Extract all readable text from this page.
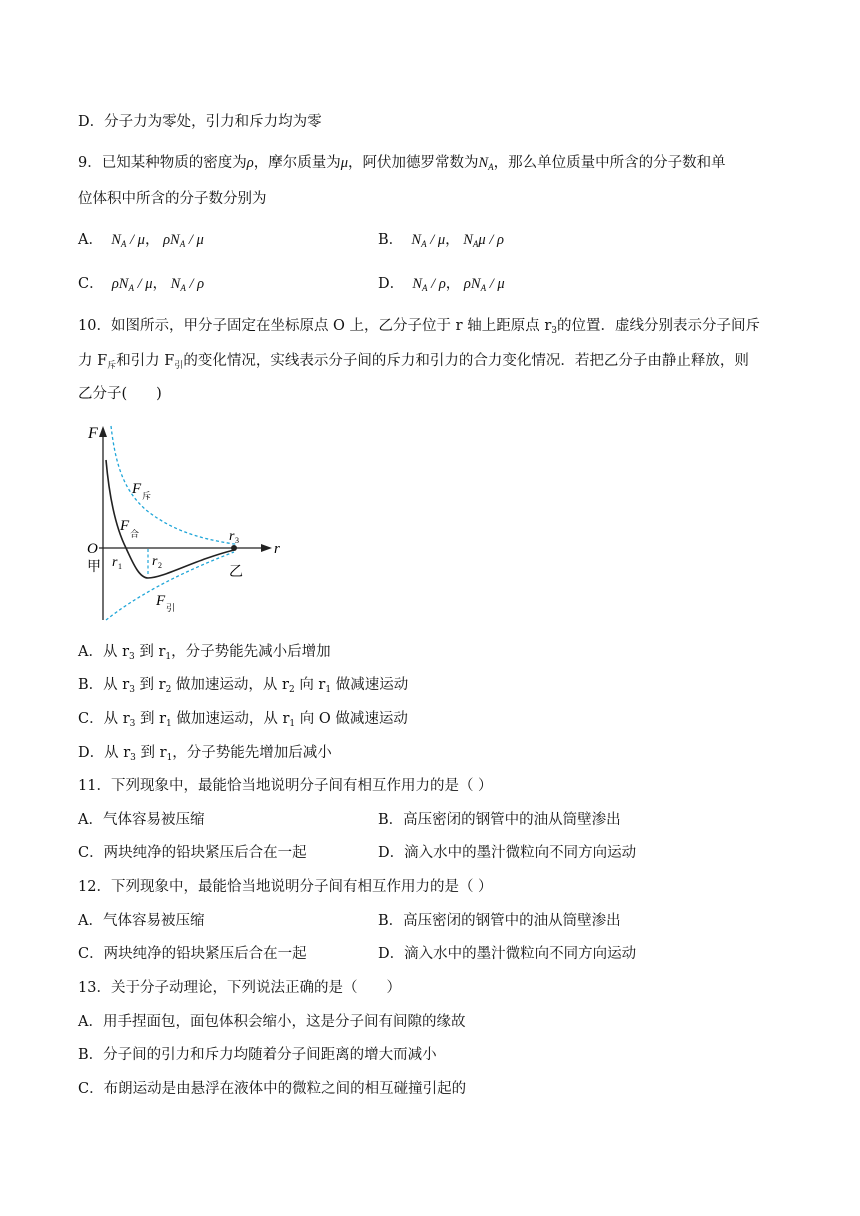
D．分子力为零处，引力和斥力均为零
9．已知某种物质的密度为ρ，摩尔质量为μ，阿伏加德罗常数为$N_A$，那么单位质量中所含的分子数和单
位体积中所含的分子数分别为
A．  $N_A$ / μ， $\rho N_A$ / μ	B．  $N_A$ / μ， $N_A\mu$ / ρ
C．  $\rho N_A$ / μ， $N_A$ / ρ	D．  $N_A$ / ρ， $\rho N_A$ / μ
10．如图所示，甲分子固定在坐标原点 O 上，乙分子位于 r 轴上距原点 $r_3$的位置．虚线分别表示分子间斥
力 $F_斥$和引力 $F_引$的变化情况，实线表示分子间的斥力和引力的合力变化情况．若把乙分子由静止释放，则
乙分子(　　)
F
r
O
甲	乙
F 斥
F
合
F 引
r 1 r 2
r 3
A．从 $r_3$ 到 $r_1$，分子势能先减小后增加
B．从 $r_3$ 到 $r_2$ 做加速运动，从 $r_2$ 向 $r_1$ 做减速运动
C．从 $r_3$ 到 $r_1$ 做加速运动，从 $r_1$ 向 O 做减速运动
D．从 $r_3$ 到 $r_1$，分子势能先增加后减小
11．下列现象中，最能恰当地说明分子间有相互作用力的是（ ）
A．气体容易被压缩	B．高压密闭的钢管中的油从筒壁渗出
C．两块纯净的铅块紧压后合在一起	D．滴入水中的墨汁微粒向不同方向运动
12．下列现象中，最能恰当地说明分子间有相互作用力的是（ ）
A．气体容易被压缩	B．高压密闭的钢管中的油从筒壁渗出
C．两块纯净的铅块紧压后合在一起	D．滴入水中的墨汁微粒向不同方向运动
13．关于分子动理论，下列说法正确的是（　　）
A．用手捏面包，面包体积会缩小，这是分子间有间隙的缘故
B．分子间的引力和斥力均随着分子间距离的增大而减小
C．布朗运动是由悬浮在液体中的微粒之间的相互碰撞引起的
